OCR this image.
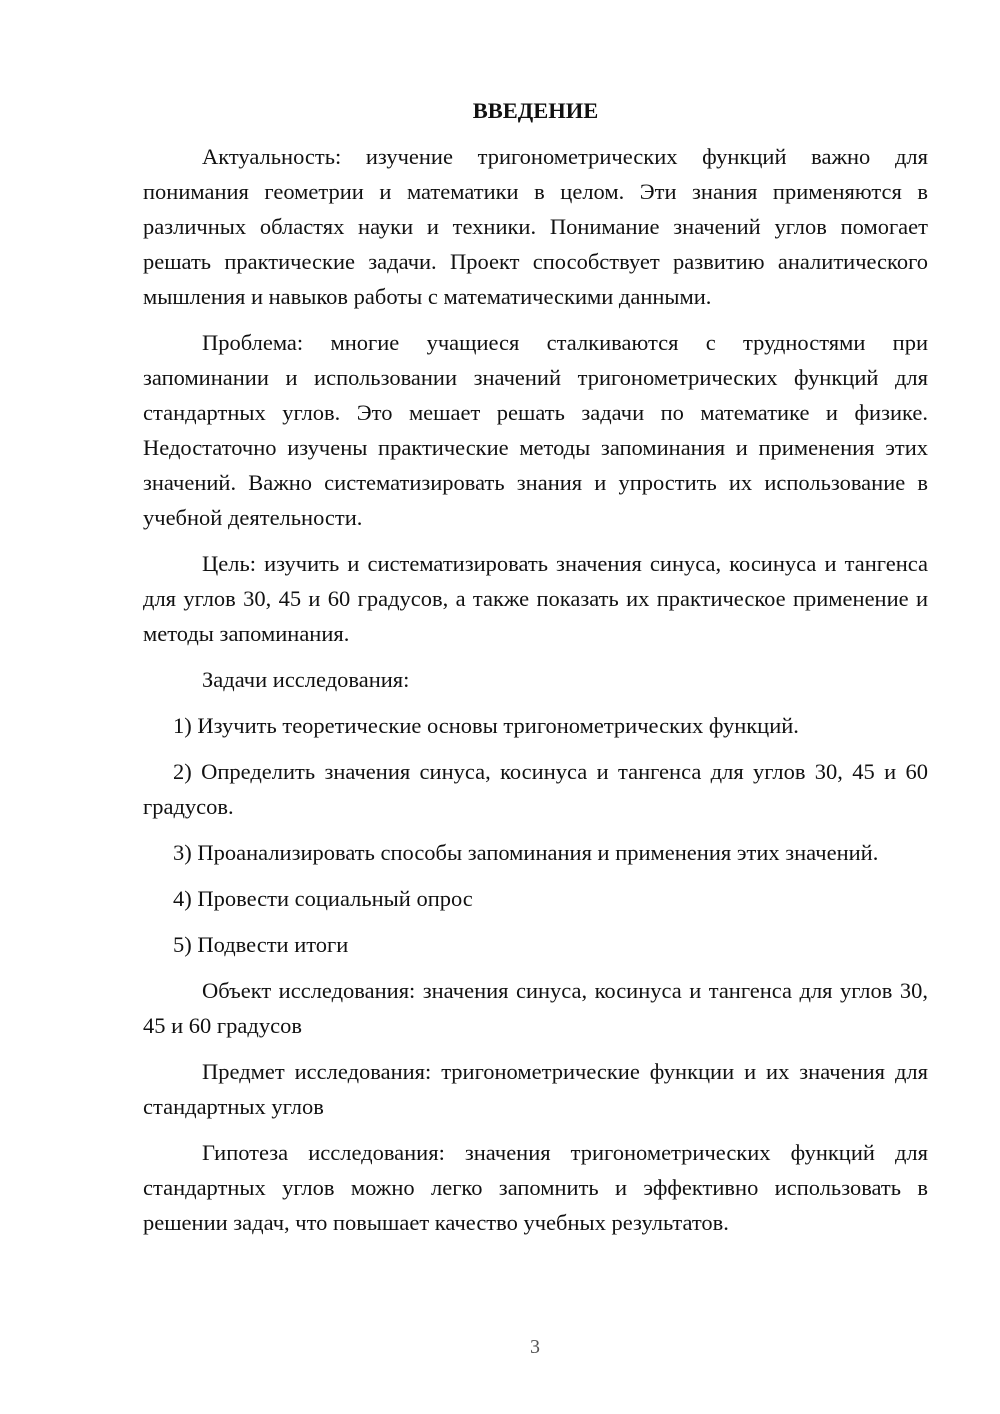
ВВЕДЕНИЕ

Актуальность: изучение тригонометрических функций важно для понимания геометрии и математики в целом. Эти знания применяются в различных областях науки и техники. Понимание значений углов помогает решать практические задачи. Проект способствует развитию аналитического мышления и навыков работы с математическими данными.

Проблема: многие учащиеся сталкиваются с трудностями при запоминании и использовании значений тригонометрических функций для стандартных углов. Это мешает решать задачи по математике и физике. Недостаточно изучены практические методы запоминания и применения этих значений. Важно систематизировать знания и упростить их использование в учебной деятельности.

Цель: изучить и систематизировать значения синуса, косинуса и тангенса для углов 30, 45 и 60 градусов, а также показать их практическое применение и методы запоминания.

Задачи исследования:

1) Изучить теоретические основы тригонометрических функций.

2) Определить значения синуса, косинуса и тангенса для углов 30, 45 и 60 градусов.

3) Проанализировать способы запоминания и применения этих значений.

4) Провести социальный опрос

5) Подвести итоги

Объект исследования: значения синуса, косинуса и тангенса для углов 30, 45 и 60 градусов

Предмет исследования: тригонометрические функции и их значения для стандартных углов

Гипотеза исследования: значения тригонометрических функций для стандартных углов можно легко запомнить и эффективно использовать в решении задач, что повышает качество учебных результатов.

3
